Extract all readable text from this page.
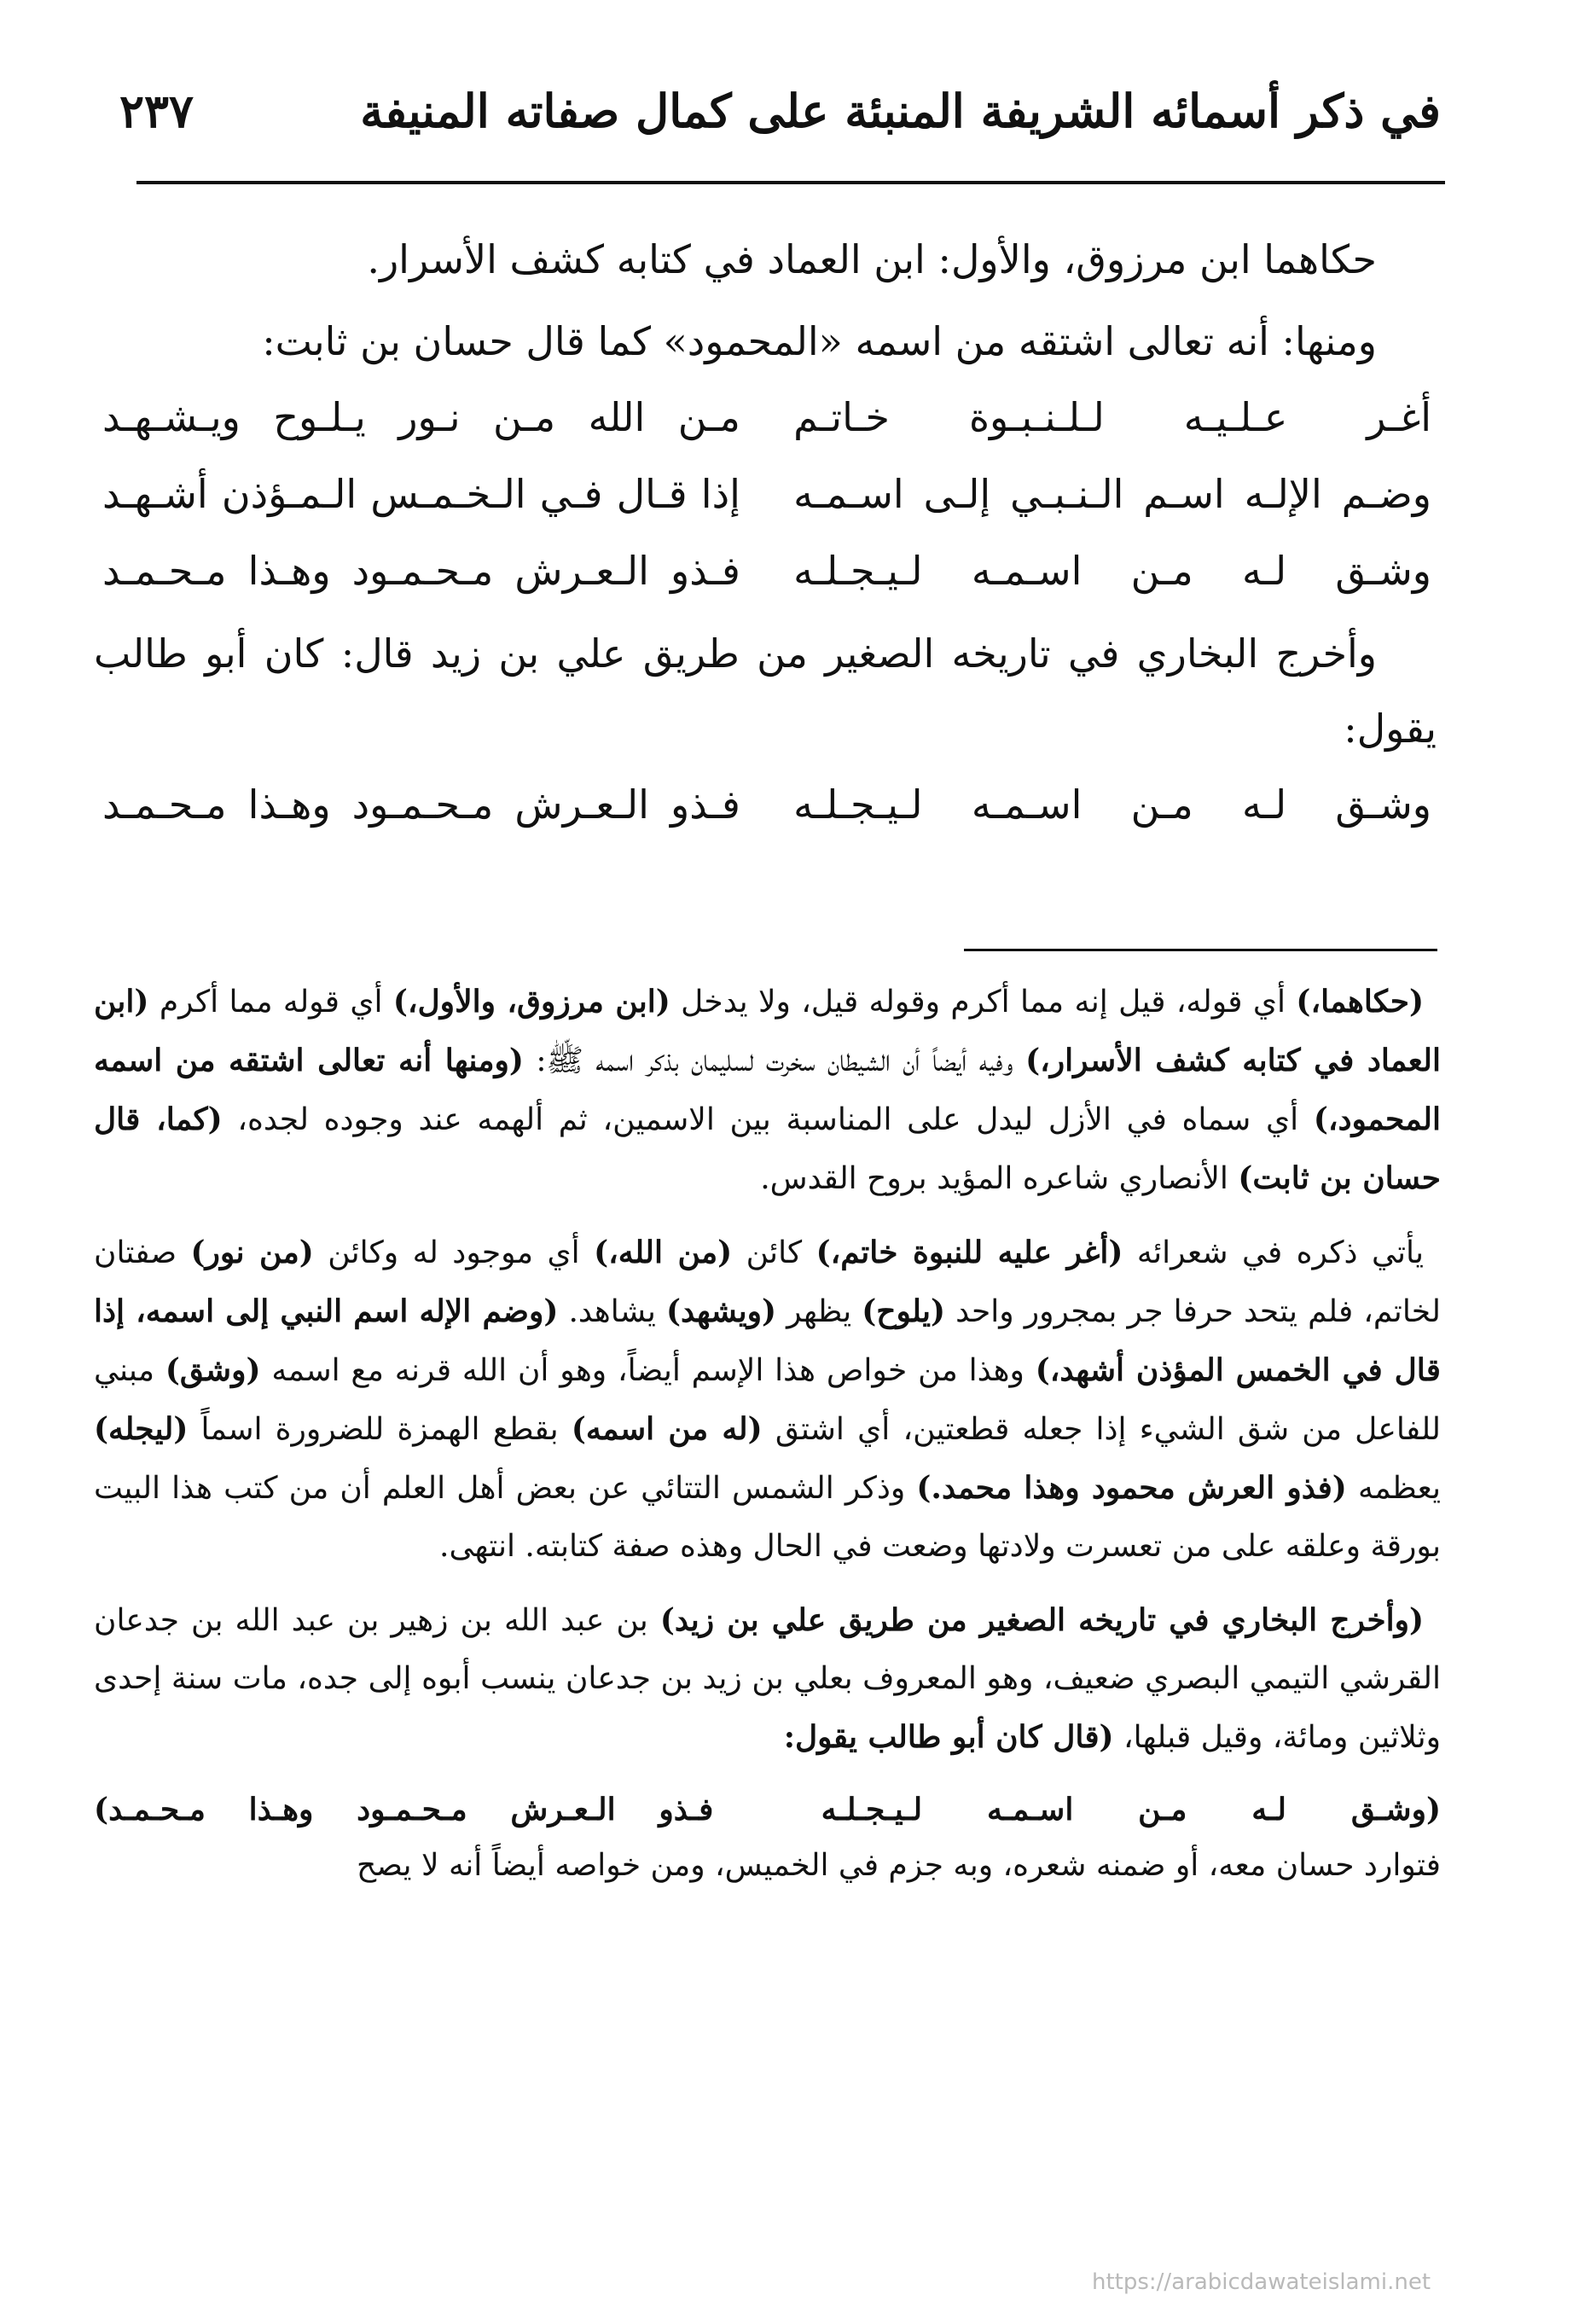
في ذكر أسمائه الشريفة المنبئة على كمال صفاته المنيفة
٢٣٧

حكاهما ابن مرزوق، والأول: ابن العماد في كتابه كشف الأسرار.

ومنها: أنه تعالى اشتقه من اسمه «المحمود» كما قال حسان بن ثابت:

أغـر عـلـيـه لـلـنـبـوة خـاتـم
مـن الله مـن نـور يـلـوح ويـشـهـد
وضـم الإلـه اسـم الـنـبـي إلـى اسـمـه
إذا قـال فـي الـخـمـس الـمـؤذن أشـهـد
وشـق لـه مـن اسـمـه لـيـجـلـه
فـذو الـعـرش مـحـمـود وهـذا مـحـمـد

وأخرج البخاري في تاريخه الصغير من طريق علي بن زيد قال: كان أبو طالب يقول:

وشـق لـه مـن اسـمـه لـيـجـلـه
فـذو الـعـرش مـحـمـود وهـذا مـحـمـد

(حكاهما،) أي قوله، قيل إنه مما أكرم وقوله قيل، ولا يدخل (ابن مرزوق، والأول،) أي قوله مما أكرم (ابن العماد في كتابه كشف الأسرار،) وفيه أيضاً أن الشيطان سخرت لسليمان بذكر اسمه ﷺ: (ومنها أنه تعالى اشتقه من اسمه المحمود،) أي سماه في الأزل ليدل على المناسبة بين الاسمين، ثم ألهمه عند وجوده لجده، (كما، قال حسان بن ثابت) الأنصاري شاعره المؤيد بروح القدس.

يأتي ذكره في شعرائه (أغر عليه للنبوة خاتم،) كائن (من الله،) أي موجود له وكائن (من نور) صفتان لخاتم، فلم يتحد حرفا جر بمجرور واحد (يلوح) يظهر (ويشهد) يشاهد. (وضم الإله اسم النبي إلى اسمه، إذا قال في الخمس المؤذن أشهد،) وهذا من خواص هذا الإسم أيضاً، وهو أن الله قرنه مع اسمه (وشق) مبني للفاعل من شق الشيء إذا جعله قطعتين، أي اشتق (له من اسمه) بقطع الهمزة للضرورة اسماً (ليجله) يعظمه (فذو العرش محمود وهذا محمد.) وذكر الشمس التتائي عن بعض أهل العلم أن من كتب هذا البيت بورقة وعلقه على من تعسرت ولادتها وضعت في الحال وهذه صفة كتابته. انتهى.

(وأخرج البخاري في تاريخه الصغير من طريق علي بن زيد) بن عبد الله بن زهير بن عبد الله بن جدعان القرشي التيمي البصري ضعيف، وهو المعروف بعلي بن زيد بن جدعان ينسب أبوه إلى جده، مات سنة إحدى وثلاثين ومائة، وقيل قبلها، (قال كان أبو طالب يقول:

(وشـق لـه مـن اسـمـه لـيـجـلـه
فـذو الـعـرش مـحـمـود وهـذا مـحـمـد)

فتوارد حسان معه، أو ضمنه شعره، وبه جزم في الخميس، ومن خواصه أيضاً أنه لا يصح

https://arabicdawateislami.net
